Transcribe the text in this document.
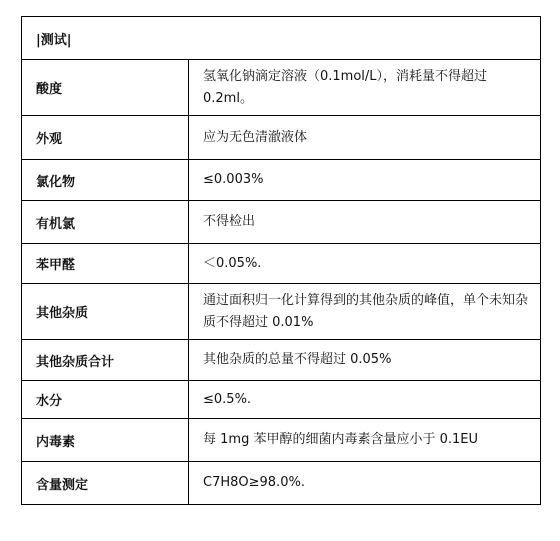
|测试|	
酸度	氢氧化钠滴定溶液（0.1mol/L），消耗量不得超过 0.2ml。
外观	应为无色清澈液体
氯化物	≤0.003%
有机氯	不得检出
苯甲醛	＜0.05%.
其他杂质	通过面积归一化计算得到的其他杂质的峰值，单个未知杂质不得超过 0.01%
其他杂质合计	其他杂质的总量不得超过 0.05%
水分	≤0.5%.
内毒素	每 1mg 苯甲醇的细菌内毒素含量应小于 0.1EU
含量测定	C7H8O≥98.0%.
